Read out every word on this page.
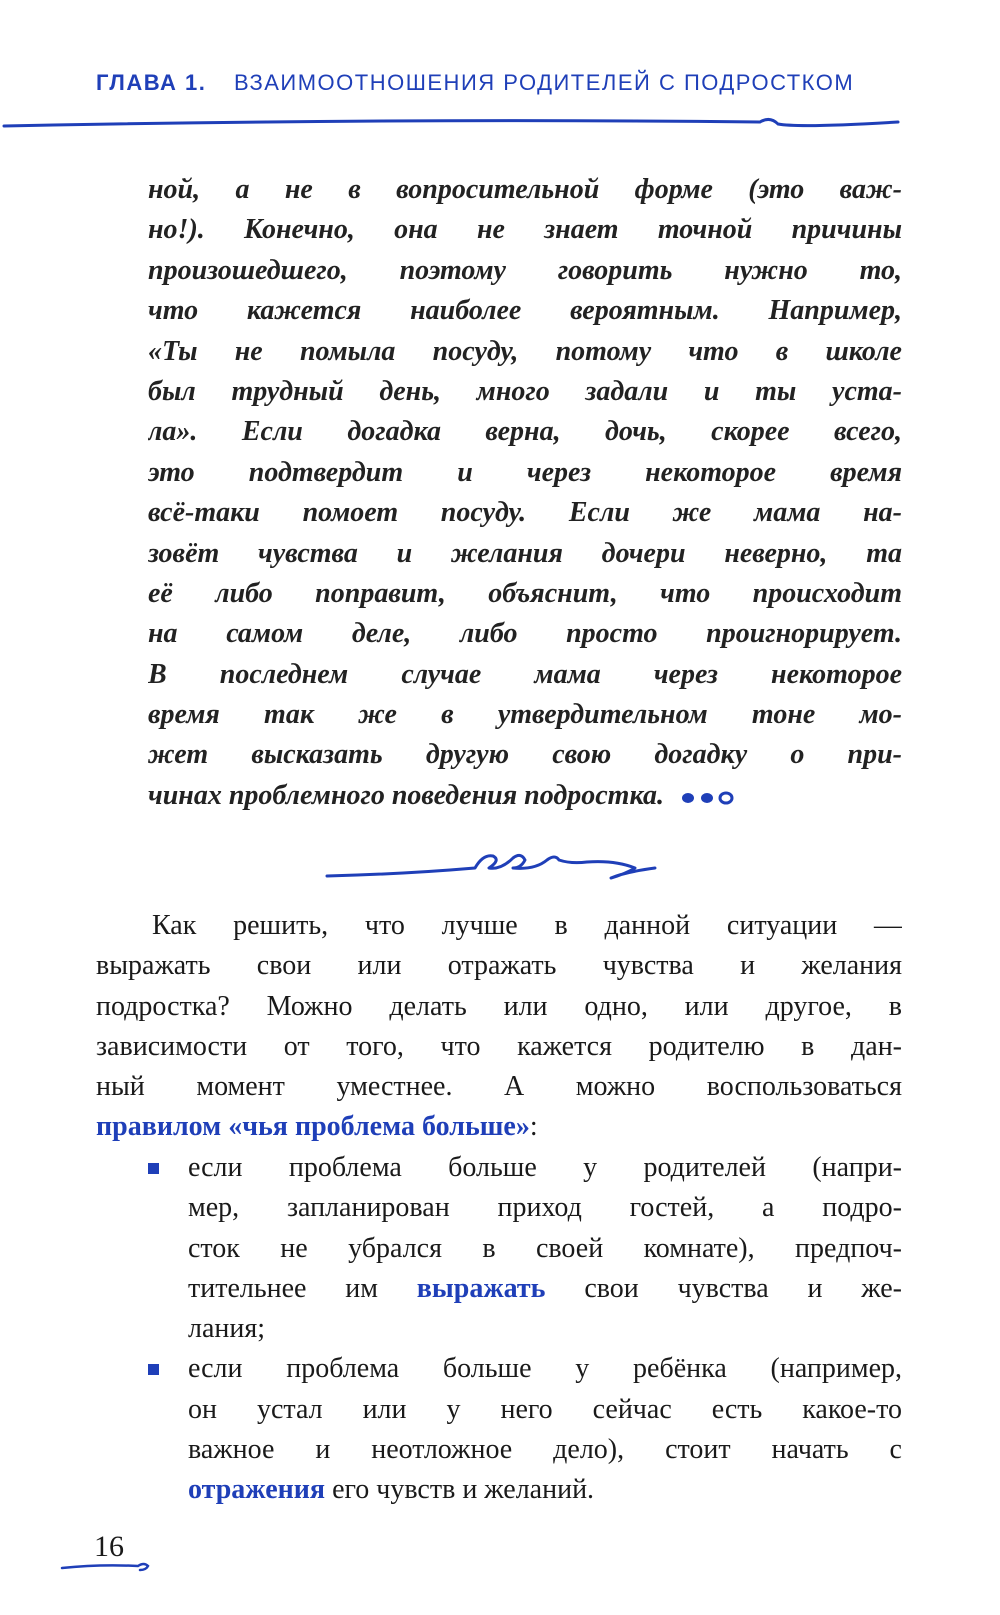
ГЛАВА 1. ВЗАИМООТНОШЕНИЯ РОДИТЕЛЕЙ С ПОДРОСТКОМ
ной, а не в вопросительной форме (это важ-
но!). Конечно, она не знает точной причины
произошедшего, поэтому говорить нужно то,
что кажется наиболее вероятным. Например,
«Ты не помыла посуду, потому что в школе
был трудный день, много задали и ты уста-
ла». Если догадка верна, дочь, скорее всего,
это подтвердит и через некоторое время
всё-таки помоет посуду. Если же мама на-
зовёт чувства и желания дочери неверно, та
её либо поправит, объяснит, что происходит
на самом деле, либо просто проигнорирует.
В последнем случае мама через некоторое
время так же в утвердительном тоне мо-
жет высказать другую свою догадку о при-
чинах проблемного поведения подростка.
Как решить, что лучше в данной ситуации —
выражать свои или отражать чувства и желания
подростка? Можно делать или одно, или другое, в
зависимости от того, что кажется родителю в дан-
ный момент уместнее. А можно воспользоваться
правилом «чья проблема больше»:
если проблема больше у родителей (напри-
мер, запланирован приход гостей, а подро-
сток не убрался в своей комнате), предпоч-
тительнее им выражать свои чувства и же-
лания;
если проблема больше у ребёнка (например,
он устал или у него сейчас есть какое-то
важное и неотложное дело), стоит начать с
отражения его чувств и желаний.
16
